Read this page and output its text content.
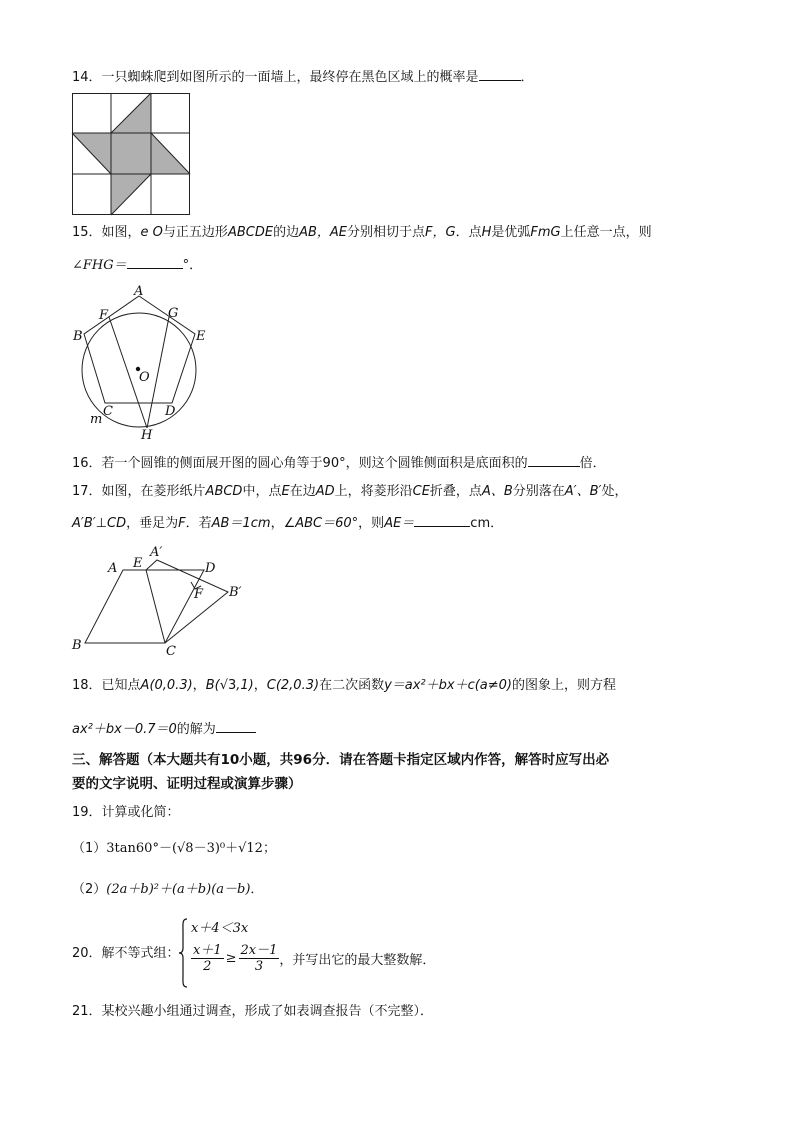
14．一只蜘蛛爬到如图所示的一面墙上，最终停在黑色区域上的概率是	．
15．如图，e O与正五边形ABCDE的边AB，AE分别相切于点F，G．点H是优弧FmG上任意一点，则
∠FHG＝	°．
A
B
C	D
E
F	G
O
H
m
16．若一个圆锥的侧面展开图的圆心角等于90°，则这个圆锥侧面积是底面积的	倍．
17．如图，在菱形纸片ABCD中，点E在边AD上，将菱形沿CE折叠，点A、B分别落在A′、B′处，
A′B′⊥CD，垂足为F．若AB＝1cm，∠ABC＝60°，则AE＝	cm．
A E
A′
D
F B′
B	C
18．已知点A(0,0.3)，B(√3,1)，C(2,0.3)在二次函数y＝ax²＋bx＋c(a≠0)的图象上，则方程
ax²＋bx－0.7＝0的解为
三、解答题（本大题共有10小题，共96分．请在答题卡指定区域内作答，解答时应写出必
要的文字说明、证明过程或演算步骤）
19．计算或化简：
（1）3tan60°－(√8－3)⁰＋√12；
（2）(2a＋b)²＋(a＋b)(a－b)．
20．解不等式组：
x＋4＜3x
$\frac{x+1}{2} \ge \frac{2x-1}{3}$ ，并写出它的最大整数解．
21．某校兴趣小组通过调查，形成了如表调查报告（不完整）．
